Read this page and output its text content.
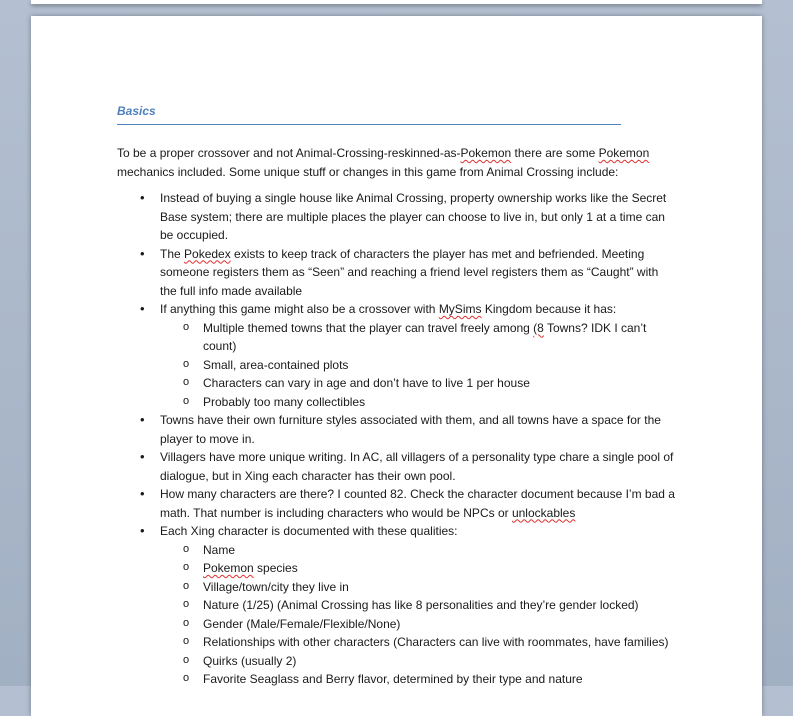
Basics

To be a proper crossover and not Animal-Crossing-reskinned-as-Pokemon there are some Pokemon mechanics included. Some unique stuff or changes in this game from Animal Crossing include:

• Instead of buying a single house like Animal Crossing, property ownership works like the Secret Base system; there are multiple places the player can choose to live in, but only 1 at a time can be occupied.
• The Pokedex exists to keep track of characters the player has met and befriended. Meeting someone registers them as “Seen” and reaching a friend level registers them as “Caught” with the full info made available
• If anything this game might also be a crossover with MySims Kingdom because it has:
o Multiple themed towns that the player can travel freely among (8 Towns? IDK I can’t count)
o Small, area-contained plots
o Characters can vary in age and don’t have to live 1 per house
o Probably too many collectibles
• Towns have their own furniture styles associated with them, and all towns have a space for the player to move in.
• Villagers have more unique writing. In AC, all villagers of a personality type chare a single pool of dialogue, but in Xing each character has their own pool.
• How many characters are there? I counted 82. Check the character document because I’m bad a math. That number is including characters who would be NPCs or unlockables
• Each Xing character is documented with these qualities:
o Name
o Pokemon species
o Village/town/city they live in
o Nature (1/25) (Animal Crossing has like 8 personalities and they’re gender locked)
o Gender (Male/Female/Flexible/None)
o Relationships with other characters (Characters can live with roommates, have families)
o Quirks (usually 2)
o Favorite Seaglass and Berry flavor, determined by their type and nature
